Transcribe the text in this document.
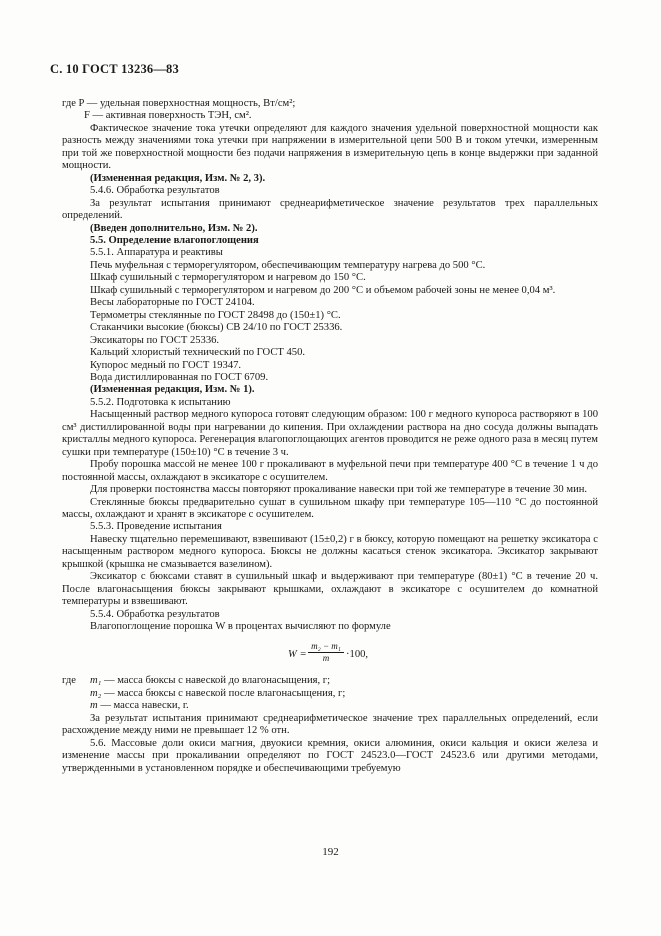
С. 10 ГОСТ 13236—83

где P — удельная поверхностная мощность, Вт/см²;

F — активная поверхность ТЭН, см².

Фактическое значение тока утечки определяют для каждого значения удельной поверхностной мощности как разность между значениями тока утечки при напряжении в измерительной цепи 500 В и током утечки, измеренным при той же поверхностной мощности без подачи напряжения в измерительную цепь в конце выдержки при заданной мощности.

(Измененная редакция, Изм. № 2, 3).

5.4.6. Обработка результатов

За результат испытания принимают среднеарифметическое значение результатов трех параллельных определений.

(Введен дополнительно, Изм. № 2).

5.5. Определение влагопоглощения

5.5.1. Аппаратура и реактивы

Печь муфельная с терморегулятором, обеспечивающим температуру нагрева до 500 °С.

Шкаф сушильный с терморегулятором и нагревом до 150 °С.

Шкаф сушильный с терморегулятором и нагревом до 200 °С и объемом рабочей зоны не менее 0,04 м³.

Весы лабораторные по ГОСТ 24104.

Термометры стеклянные по ГОСТ 28498 до (150±1) °С.

Стаканчики высокие (бюксы) СВ 24/10 по ГОСТ 25336.

Эксикаторы по ГОСТ 25336.

Кальций хлористый технический по ГОСТ 450.

Купорос медный по ГОСТ 19347.

Вода дистиллированная по ГОСТ 6709.

(Измененная редакция, Изм. № 1).

5.5.2. Подготовка к испытанию

Насыщенный раствор медного купороса готовят следующим образом: 100 г медного купороса растворяют в 100 см³ дистиллированной воды при нагревании до кипения. При охлаждении раствора на дно сосуда должны выпадать кристаллы медного купороса. Регенерация влагопоглощающих агентов проводится не реже одного раза в месяц путем сушки при температуре (150±10) °С в течение 3 ч.

Пробу порошка массой не менее 100 г прокаливают в муфельной печи при температуре 400 °С в течение 1 ч до постоянной массы, охлаждают в эксикаторе с осушителем.

Для проверки постоянства массы повторяют прокаливание навески при той же температуре в течение 30 мин.

Стеклянные бюксы предварительно сушат в сушильном шкафу при температуре 105—110 °С до постоянной массы, охлаждают и хранят в эксикаторе с осушителем.

5.5.3. Проведение испытания

Навеску тщательно перемешивают, взвешивают (15±0,2) г в бюксу, которую помещают на решетку эксикатора с насыщенным раствором медного купороса. Бюксы не должны касаться стенок эксикатора. Эксикатор закрывают крышкой (крышка не смазывается вазелином).

Эксикатор с бюксами ставят в сушильный шкаф и выдерживают при температуре (80±1) °С в течение 20 ч. После влагонасыщения бюксы закрывают крышками, охлаждают в эксикаторе с осушителем до комнатной температуры и взвешивают.

5.5.4. Обработка результатов

Влагопоглощение порошка W в процентах вычисляют по формуле

$W = \frac{\text{m₂ − m₁}}{m} \cdot 100$,

где m₁ — масса бюксы с навеской до влагонасыщения, г;

m₂ — масса бюксы с навеской после влагонасыщения, г;

m — масса навески, г.

За результат испытания принимают среднеарифметическое значение трех параллельных определений, если расхождение между ними не превышает 12 % отн.

5.6. Массовые доли окиси магния, двуокиси кремния, окиси алюминия, окиси кальция и окиси железа и изменение массы при прокаливании определяют по ГОСТ 24523.0—ГОСТ 24523.6 или другими методами, утвержденными в установленном порядке и обеспечивающими требуемую

192
